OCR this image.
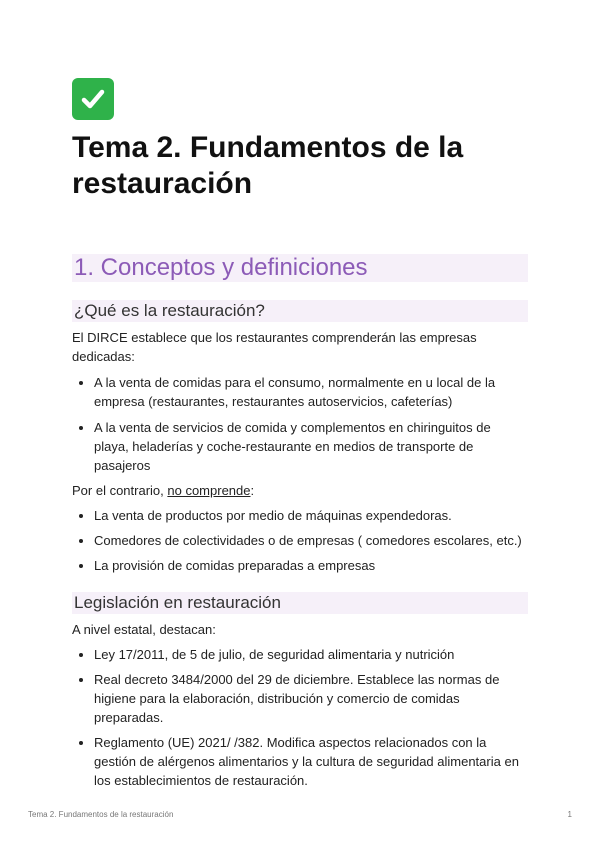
Tema 2. Fundamentos de la restauración
1. Conceptos y definiciones
¿Qué es la restauración?

El DIRCE establece que los restaurantes comprenderán las empresas dedicadas:

A la venta de comidas para el consumo, normalmente en u local de la empresa (restaurantes, restaurantes autoservicios, cafeterías)
A la venta de servicios de comida y complementos en chiringuitos de playa, heladerías y coche-restaurante en medios de transporte de pasajeros

Por el contrario, no comprende:

La venta de productos por medio de máquinas expendedoras.
Comedores de colectividades o de empresas ( comedores escolares, etc.)
La provisión de comidas preparadas a empresas
Legislación en restauración

A nivel estatal, destacan:

Ley 17/2011, de 5 de julio, de seguridad alimentaria y nutrición
Real decreto 3484/2000 del 29 de diciembre. Establece las normas de higiene para la elaboración, distribución y comercio de comidas preparadas.
Reglamento (UE) 2021/ /382. Modifica aspectos relacionados con la gestión de alérgenos alimentarios y la cultura de seguridad alimentaria en los establecimientos de restauración.
Tema 2. Fundamentos de la restauración	1
